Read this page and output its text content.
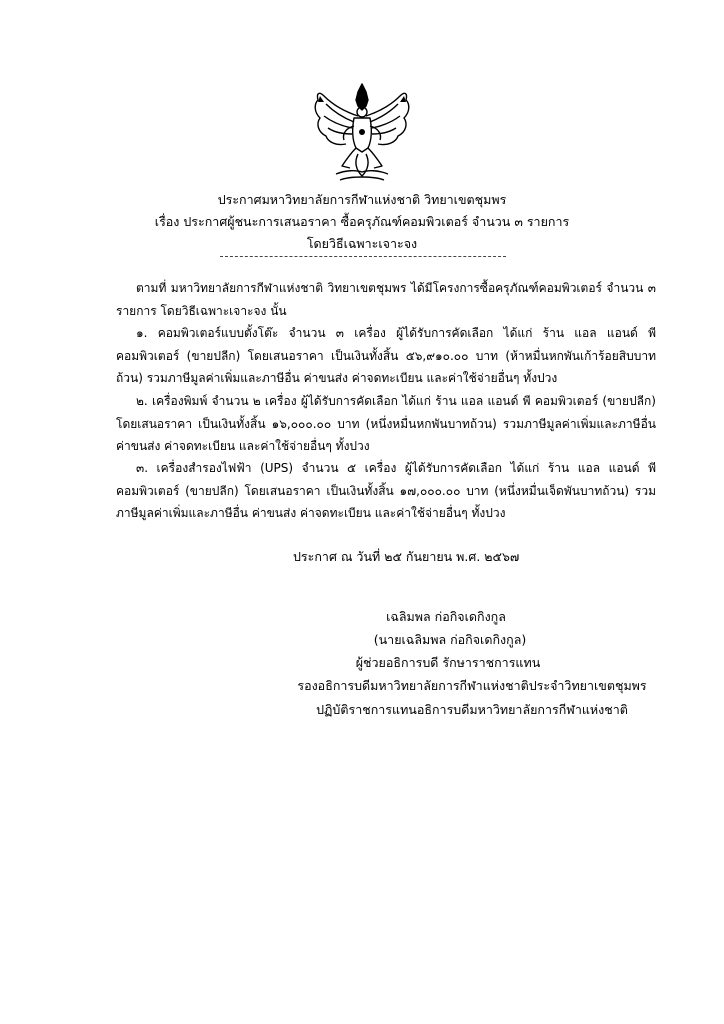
ประกาศมหาวิทยาลัยการกีฬาแห่งชาติ วิทยาเขตชุมพร
เรื่อง ประกาศผู้ชนะการเสนอราคา ซื้อครุภัณฑ์คอมพิวเตอร์ จำนวน ๓ รายการ
โดยวิธีเฉพาะเจาะจง

ตามที่ มหาวิทยาลัยการกีฬาแห่งชาติ วิทยาเขตชุมพร ได้มีโครงการซื้อครุภัณฑ์คอมพิวเตอร์ จำนวน ๓ รายการ โดยวิธีเฉพาะเจาะจง นั้น

๑. คอมพิวเตอร์แบบตั้งโต๊ะ จำนวน ๓ เครื่อง ผู้ได้รับการคัดเลือก ได้แก่ ร้าน แอล แอนด์ พี คอมพิวเตอร์ (ขายปลีก) โดยเสนอราคา เป็นเงินทั้งสิ้น ๕๖,๙๑๐.๐๐ บาท (ห้าหมื่นหกพันเก้าร้อยสิบบาทถ้วน) รวมภาษีมูลค่าเพิ่มและภาษีอื่น ค่าขนส่ง ค่าจดทะเบียน และค่าใช้จ่ายอื่นๆ ทั้งปวง

๒. เครื่องพิมพ์ จำนวน ๒ เครื่อง ผู้ได้รับการคัดเลือก ได้แก่ ร้าน แอล แอนด์ พี คอมพิวเตอร์ (ขายปลีก) โดยเสนอราคา เป็นเงินทั้งสิ้น ๑๖,๐๐๐.๐๐ บาท (หนึ่งหมื่นหกพันบาทถ้วน) รวมภาษีมูลค่าเพิ่มและภาษีอื่น ค่าขนส่ง ค่าจดทะเบียน และค่าใช้จ่ายอื่นๆ ทั้งปวง

๓. เครื่องสำรองไฟฟ้า (UPS) จำนวน ๕ เครื่อง ผู้ได้รับการคัดเลือก ได้แก่ ร้าน แอล แอนด์ พี คอมพิวเตอร์ (ขายปลีก) โดยเสนอราคา เป็นเงินทั้งสิ้น ๑๗,๐๐๐.๐๐ บาท (หนึ่งหมื่นเจ็ดพันบาทถ้วน) รวมภาษีมูลค่าเพิ่มและภาษีอื่น ค่าขนส่ง ค่าจดทะเบียน และค่าใช้จ่ายอื่นๆ ทั้งปวง

ประกาศ ณ วันที่ ๒๕ กันยายน พ.ศ. ๒๕๖๗
เฉลิมพล ก่อกิจเดกิงกูล
(นายเฉลิมพล ก่อกิจเดกิงกูล)
ผู้ช่วยอธิการบดี รักษาราชการแทน
รองอธิการบดีมหาวิทยาลัยการกีฬาแห่งชาติประจำวิทยาเขตชุมพร
ปฏิบัติราชการแทนอธิการบดีมหาวิทยาลัยการกีฬาแห่งชาติ
